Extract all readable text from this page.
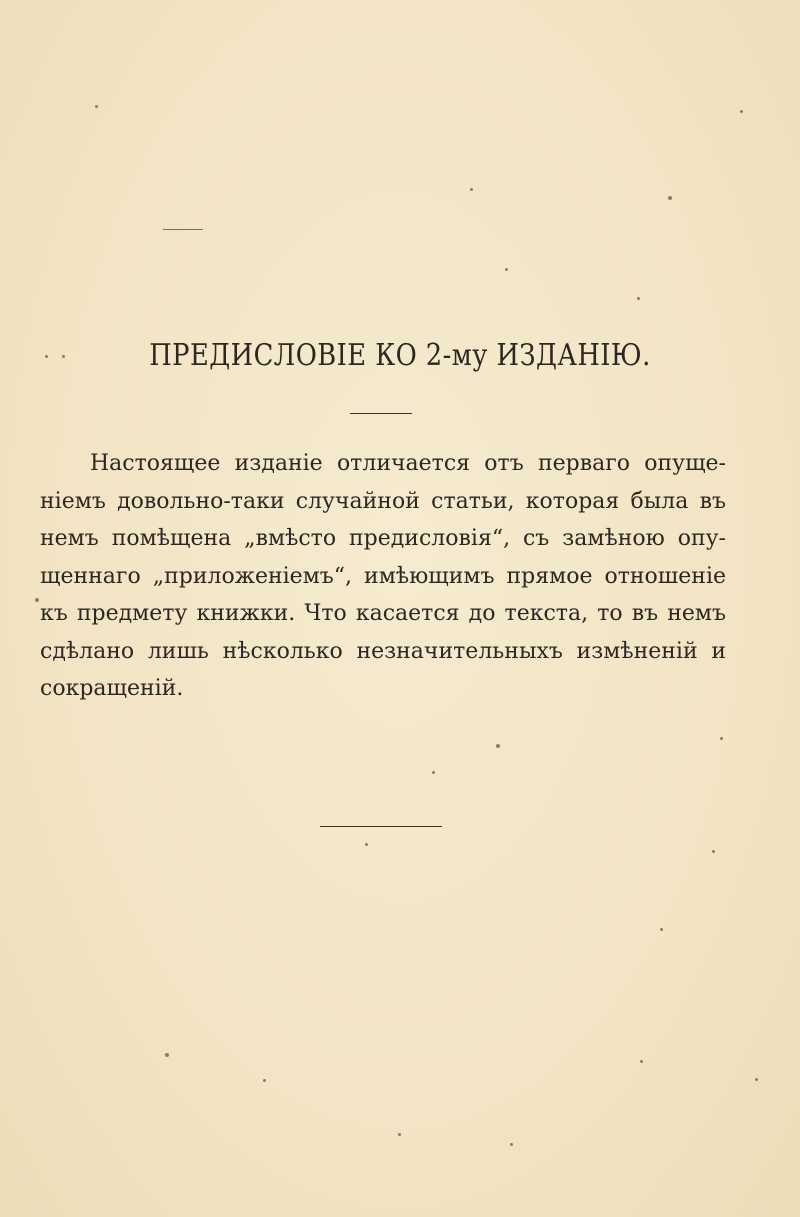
ПРЕДИСЛОВІЕ КО 2-му ИЗДАНІЮ.
Настоящее изданіе отличается отъ перваго опуще-
ніемъ довольно-таки случайной статьи, которая была въ
немъ помѣщена „вмѣсто предисловія“, съ замѣною опу-
щеннаго „приложеніемъ“, имѣющимъ прямое отношеніе
къ предмету книжки. Что касается до текста, то въ немъ
сдѣлано лишь нѣсколько незначительныхъ измѣненій и
сокращеній.
